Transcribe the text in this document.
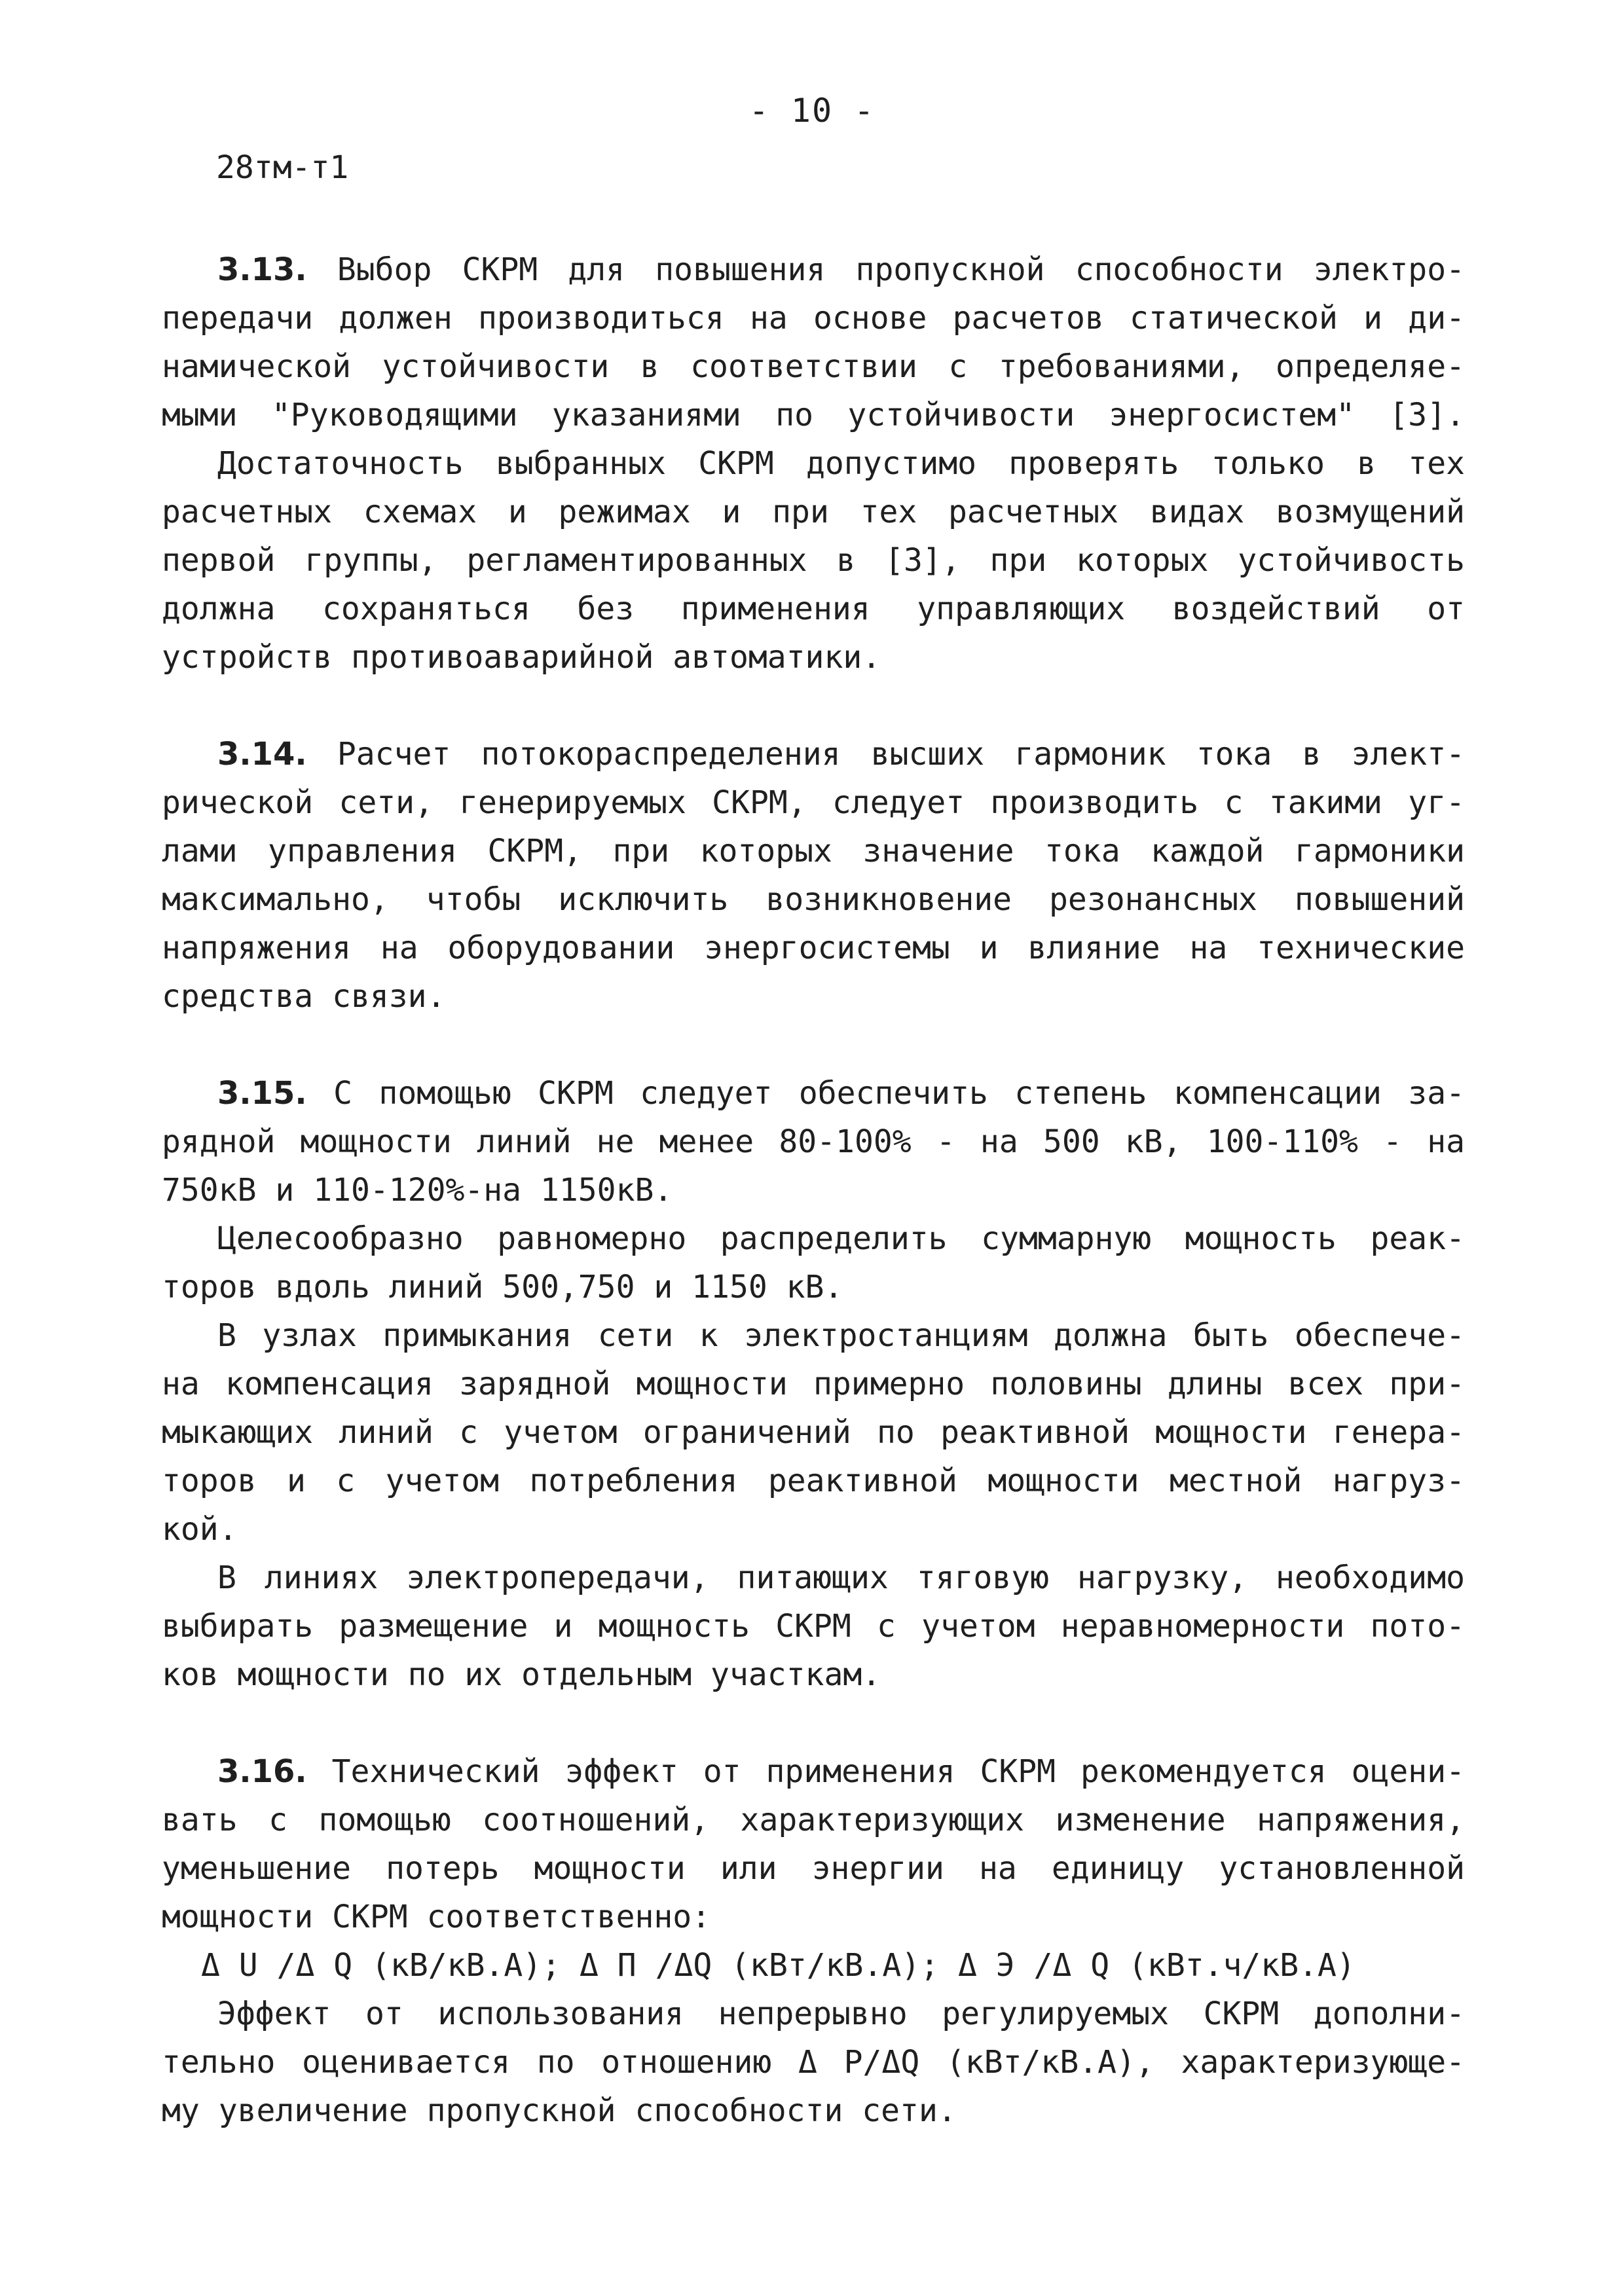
- 10 -
28тм-т1
3.13. Выбор СКРМ для повышения пропускной способности электро-
передачи должен производиться на основе расчетов статической и ди-
намической устойчивости в соответствии с требованиями, определяе-
мыми "Руководящими указаниями по устойчивости энергосистем" [3].
Достаточность выбранных СКРМ допустимо проверять только в тех
расчетных схемах и режимах и при тех расчетных видах возмущений
первой группы, регламентированных в [3], при которых устойчивость
должна сохраняться без применения управляющих воздействий от
устройств противоаварийной автоматики.
3.14. Расчет потокораспределения высших гармоник тока в элект-
рической сети, генерируемых СКРМ, следует производить с такими уг-
лами управления СКРМ, при которых значение тока каждой гармоники
максимально, чтобы исключить возникновение резонансных повышений
напряжения на оборудовании энергосистемы и влияние на технические
средства связи.
3.15. С помощью СКРМ следует обеспечить степень компенсации за-
рядной мощности линий не менее 80-100% - на 500 кВ, 100-110% - на
750кВ и 110-120%-на 1150кВ.
Целесообразно равномерно распределить суммарную мощность реак-
торов вдоль линий 500,750 и 1150 кВ.
В узлах примыкания сети к электростанциям должна быть обеспече-
на компенсация зарядной мощности примерно половины длины всех при-
мыкающих линий с учетом ограничений по реактивной мощности генера-
торов и с учетом потребления реактивной мощности местной нагруз-
кой.
В линиях электропередачи, питающих тяговую нагрузку, необходимо
выбирать размещение и мощность СКРМ с учетом неравномерности пото-
ков мощности по их отдельным участкам.
3.16. Технический эффект от применения СКРМ рекомендуется оцени-
вать с помощью соотношений, характеризующих изменение напряжения,
уменьшение потерь мощности или энергии на единицу установленной
мощности СКРМ соответственно:
Δ U /Δ Q (кВ/кВ.А); Δ П /ΔQ (кВт/кВ.А); Δ Э /Δ Q (кВт.ч/кВ.А)
Эффект от использования непрерывно регулируемых СКРМ дополни-
тельно оценивается по отношению Δ Р/ΔQ (кВт/кВ.А), характеризующе-
му увеличение пропускной способности сети.
